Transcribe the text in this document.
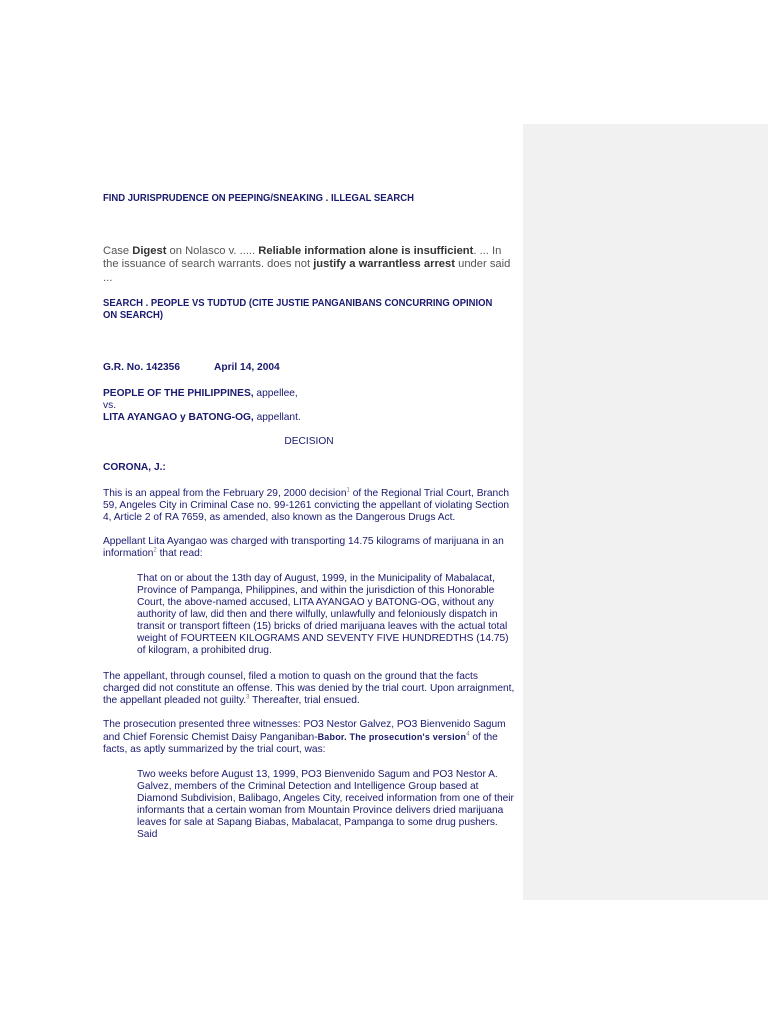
FIND JURISPRUDENCE ON PEEPING/SNEAKING . ILLEGAL SEARCH

Case Digest on Nolasco v. ..... Reliable information alone is insufficient. ... In the issuance of search warrants. does not justify a warrantless arrest under said ...

SEARCH . PEOPLE VS TUDTUD (CITE JUSTIE PANGANIBANS CONCURRING OPINION ON SEARCH)
G.R. No. 142356	April 14, 2004
PEOPLE OF THE PHILIPPINES, appellee,
vs.
LITA AYANGAO y BATONG-OG, appellant.
DECISION
CORONA, J.:

This is an appeal from the February 29, 2000 decision$^1$ of the Regional Trial Court, Branch 59, Angeles City in Criminal Case no. 99-1261 convicting the appellant of violating Section 4, Article 2 of RA 7659, as amended, also known as the Dangerous Drugs Act.

Appellant Lita Ayangao was charged with transporting 14.75 kilograms of marijuana in an information$^2$ that read:

That on or about the 13th day of August, 1999, in the Municipality of Mabalacat, Province of Pampanga, Philippines, and within the jurisdiction of this Honorable Court, the above-named accused, LITA AYANGAO y BATONG-OG, without any authority of law, did then and there wilfully, unlawfully and feloniously dispatch in transit or transport fifteen (15) bricks of dried marijuana leaves with the actual total weight of FOURTEEN KILOGRAMS AND SEVENTY FIVE HUNDREDTHS (14.75) of kilogram, a prohibited drug.

The appellant, through counsel, filed a motion to quash on the ground that the facts charged did not constitute an offense. This was denied by the trial court. Upon arraignment, the appellant pleaded not guilty.$^3$ Thereafter, trial ensued.

The prosecution presented three witnesses: PO3 Nestor Galvez, PO3 Bienvenido Sagum and Chief Forensic Chemist Daisy Panganiban-Babor. The prosecution's version$^4$ of the facts, as aptly summarized by the trial court, was:

Two weeks before August 13, 1999, PO3 Bienvenido Sagum and PO3 Nestor A. Galvez, members of the Criminal Detection and Intelligence Group based at Diamond Subdivision, Balibago, Angeles City, received information from one of their informants that a certain woman from Mountain Province delivers dried marijuana leaves for sale at Sapang Biabas, Mabalacat, Pampanga to some drug pushers. Said
